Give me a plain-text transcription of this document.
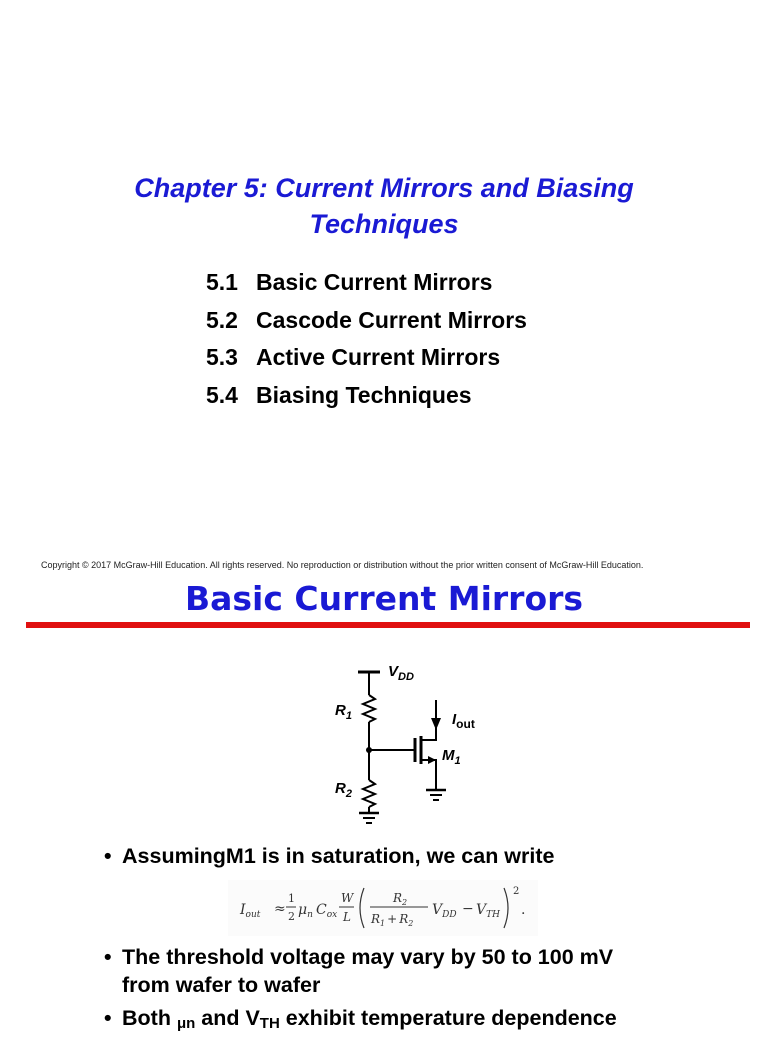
Chapter 5: Current Mirrors and Biasing
Techniques
5.1 Basic Current Mirrors
5.2 Cascode Current Mirrors
5.3 Active Current Mirrors
5.4 Biasing Techniques
Copyright © 2017 McGraw-Hill Education. All rights reserved. No reproduction or distribution without the prior written consent of McGraw-Hill Education.
Basic Current Mirrors
$V_{DD}$
$R_1$	$I_{out}$
$M_1$
$R_2$
• AssumingM1 is in saturation, we can write
$I_{out}$ ≈
1
2 $\mu_n$ $C_{ox}$
W
L
$R_2$
$R_1 + R_2$
$V_{DD} - V_{TH}$
2
.
• The threshold voltage may vary by 50 to 100 mV
from wafer to wafer
• Both $_{\mu n}$ and $V_{TH}$ exhibit temperature dependence
